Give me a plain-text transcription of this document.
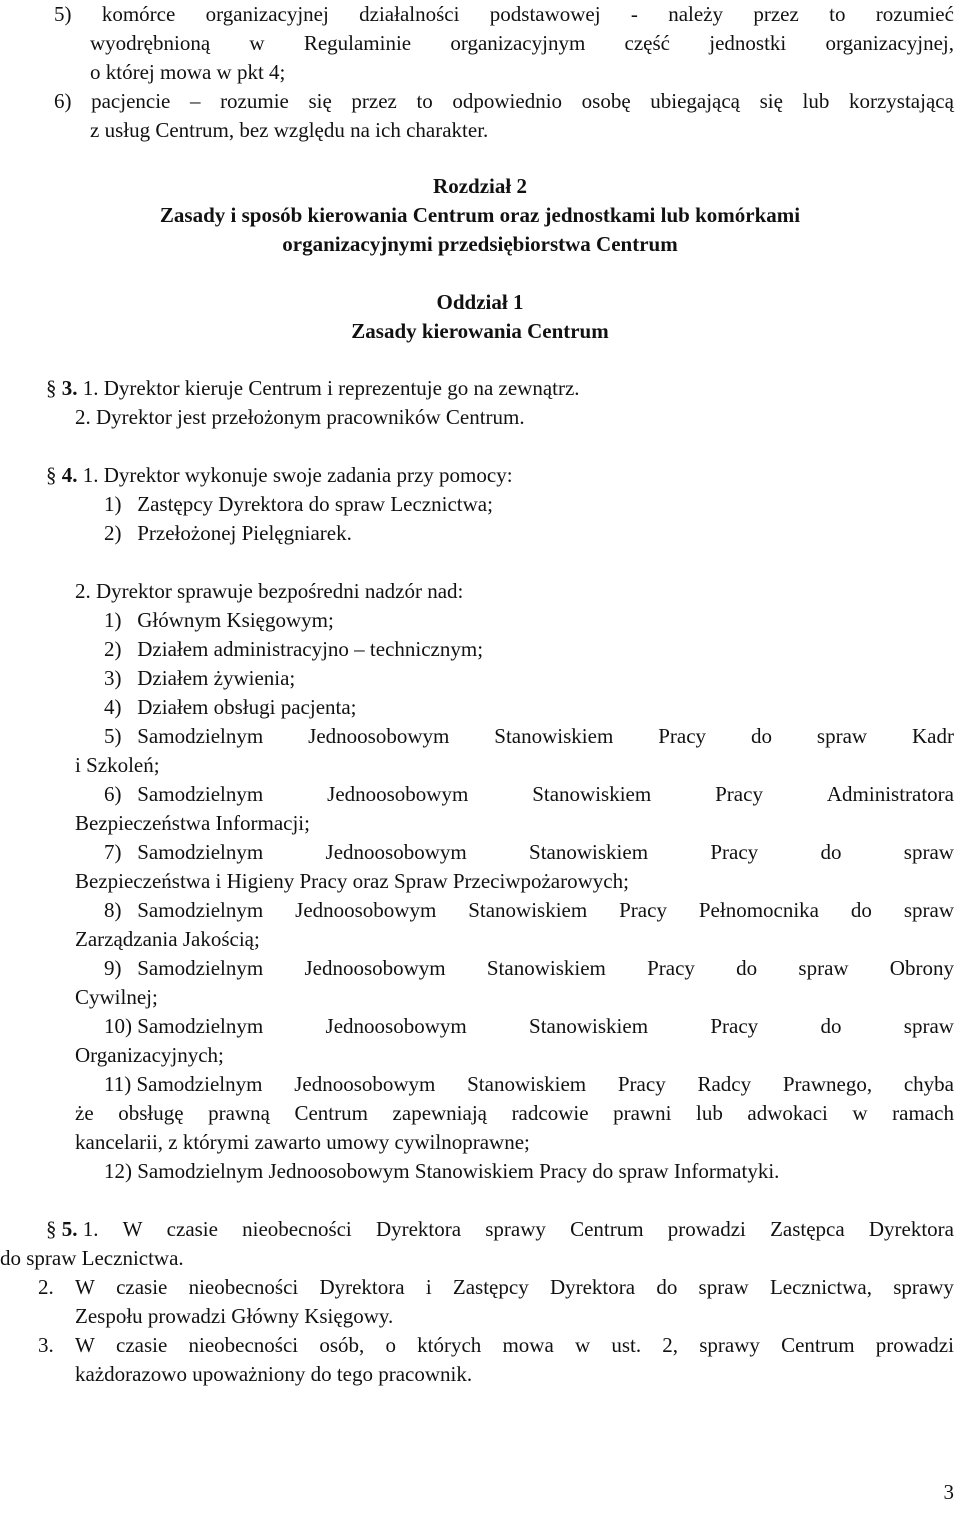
5) komórce organizacyjnej działalności podstawowej - należy przez to rozumieć
wyodrębnioną w Regulaminie organizacyjnym część jednostki organizacyjnej,
o której mowa w pkt 4;
6) pacjencie – rozumie się przez to odpowiednio osobę ubiegającą się lub korzystającą
z usług Centrum, bez względu na ich charakter.
Rozdział 2
Zasady i sposób kierowania Centrum oraz jednostkami lub komórkami
organizacyjnymi przedsiębiorstwa Centrum
Oddział 1
Zasady kierowania Centrum
§ 3. 1. Dyrektor kieruje Centrum i reprezentuje go na zewnątrz.
2. Dyrektor jest przełożonym pracowników Centrum.
§ 4. 1. Dyrektor wykonuje swoje zadania przy pomocy:
1)   Zastępcy Dyrektora do spraw Lecznictwa;
2)   Przełożonej Pielęgniarek.
2. Dyrektor sprawuje bezpośredni nadzór nad:
1)   Głównym Księgowym;
2)   Działem administracyjno – technicznym;
3)   Działem żywienia;
4)   Działem obsługi pacjenta;
5)   Samodzielnym Jednoosobowym Stanowiskiem Pracy do spraw Kadr
i Szkoleń;
6)   Samodzielnym	Jednoosobowym	Stanowiskiem	Pracy	Administratora
Bezpieczeństwa Informacji;
7)   Samodzielnym	Jednoosobowym	Stanowiskiem	Pracy	do	spraw
Bezpieczeństwa i Higieny Pracy oraz Spraw Przeciwpożarowych;
8)   Samodzielnym Jednoosobowym Stanowiskiem Pracy Pełnomocnika do spraw
Zarządzania Jakością;
9)   Samodzielnym Jednoosobowym Stanowiskiem Pracy do spraw Obrony
Cywilnej;
10) Samodzielnym	Jednoosobowym	Stanowiskiem	Pracy	do	spraw
Organizacyjnych;
11) Samodzielnym Jednoosobowym Stanowiskiem Pracy Radcy Prawnego, chyba
że obsługę prawną Centrum zapewniają radcowie prawni lub adwokaci w ramach
kancelarii, z którymi zawarto umowy cywilnoprawne;
12) Samodzielnym Jednoosobowym Stanowiskiem Pracy do spraw Informatyki.
§ 5. 1. W czasie nieobecności Dyrektora sprawy Centrum prowadzi Zastępca Dyrektora
do spraw Lecznictwa.
2.	W czasie nieobecności Dyrektora i Zastępcy Dyrektora do spraw Lecznictwa, sprawy
Zespołu prowadzi Główny Księgowy.
3.	W czasie nieobecności osób, o których mowa w ust. 2, sprawy Centrum prowadzi
każdorazowo upoważniony do tego pracownik.
3
